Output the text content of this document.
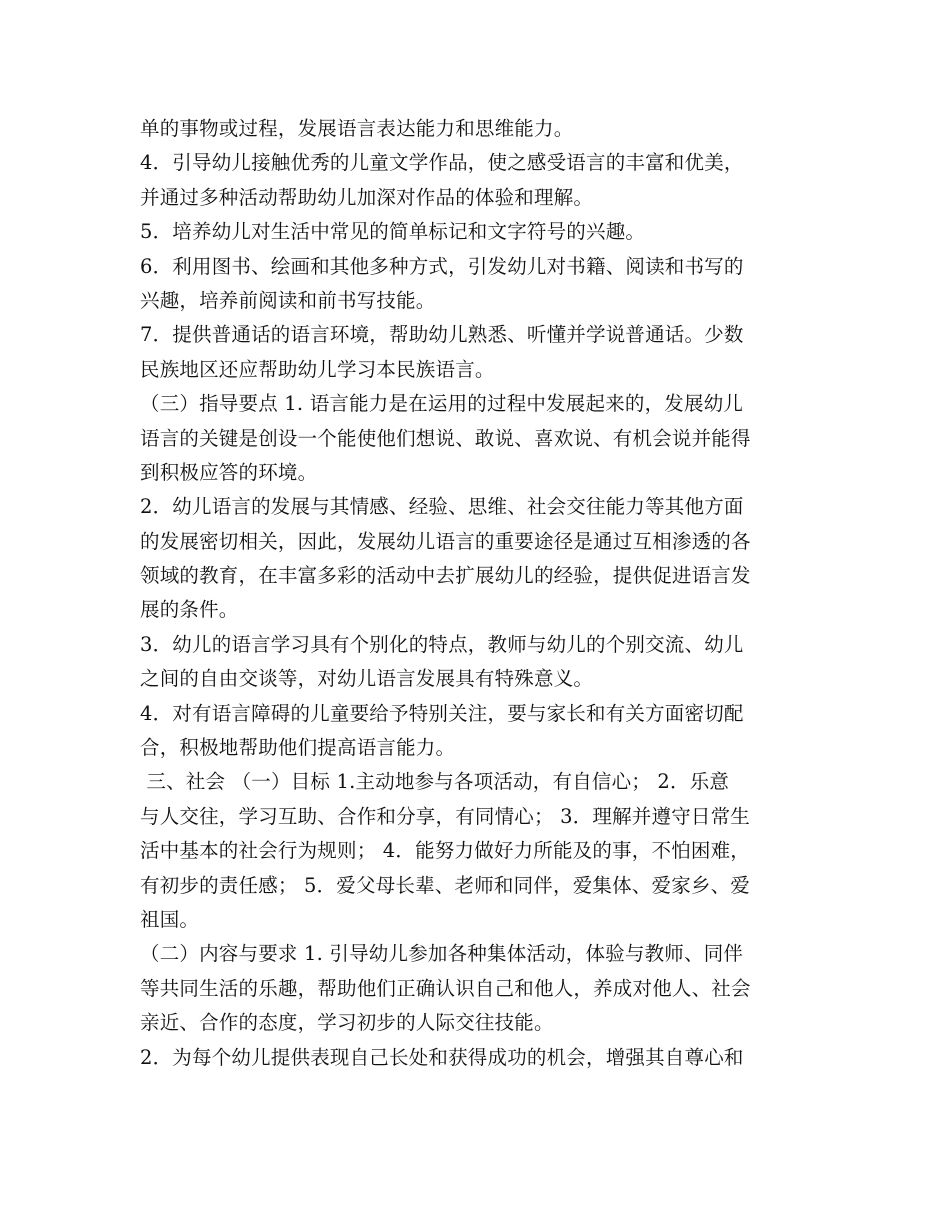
单的事物或过程，发展语言表达能力和思维能力。
4．引导幼儿接触优秀的儿童文学作品，使之感受语言的丰富和优美，
并通过多种活动帮助幼儿加深对作品的体验和理解。
5．培养幼儿对生活中常见的简单标记和文字符号的兴趣。
6．利用图书、绘画和其他多种方式，引发幼儿对书籍、阅读和书写的
兴趣，培养前阅读和前书写技能。
7．提供普通话的语言环境，帮助幼儿熟悉、听懂并学说普通话。少数
民族地区还应帮助幼儿学习本民族语言。
（三）指导要点 1. 语言能力是在运用的过程中发展起来的，发展幼儿
语言的关键是创设一个能使他们想说、敢说、喜欢说、有机会说并能得
到积极应答的环境。
2．幼儿语言的发展与其情感、经验、思维、社会交往能力等其他方面
的发展密切相关，因此，发展幼儿语言的重要途径是通过互相渗透的各
领域的教育，在丰富多彩的活动中去扩展幼儿的经验，提供促进语言发
展的条件。
3．幼儿的语言学习具有个别化的特点，教师与幼儿的个别交流、幼儿
之间的自由交谈等，对幼儿语言发展具有特殊意义。
4．对有语言障碍的儿童要给予特别关注，要与家长和有关方面密切配
合，积极地帮助他们提高语言能力。
三、社会 （一）目标 1.主动地参与各项活动，有自信心； 2．乐意
与人交往，学习互助、合作和分享，有同情心； 3．理解并遵守日常生
活中基本的社会行为规则； 4．能努力做好力所能及的事，不怕困难，
有初步的责任感； 5．爱父母长辈、老师和同伴，爱集体、爱家乡、爱
祖国。
（二）内容与要求 1. 引导幼儿参加各种集体活动，体验与教师、同伴
等共同生活的乐趣，帮助他们正确认识自己和他人，养成对他人、社会
亲近、合作的态度，学习初步的人际交往技能。
2．为每个幼儿提供表现自己长处和获得成功的机会，增强其自尊心和
